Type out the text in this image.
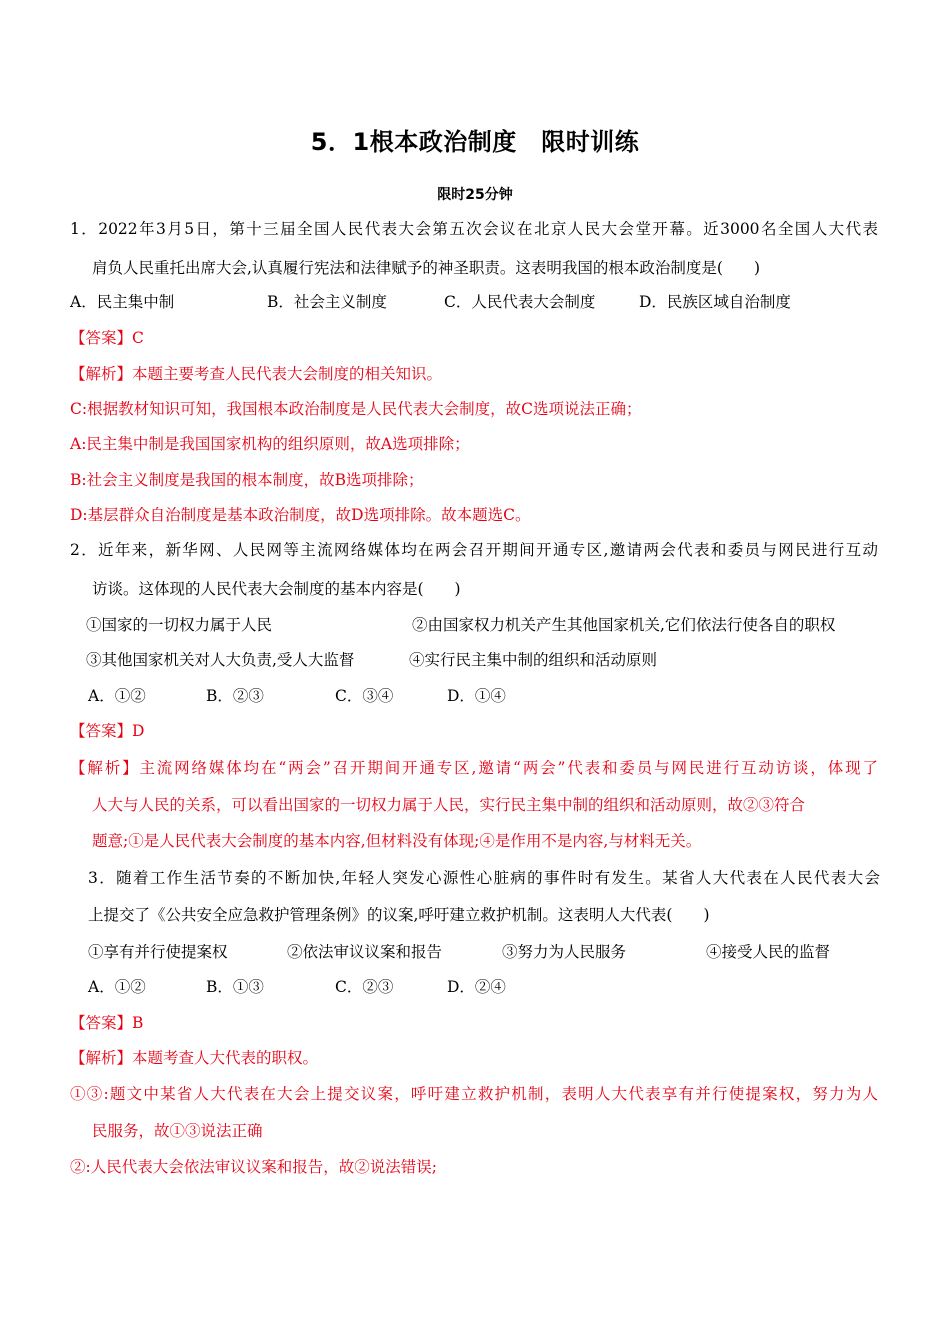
5．1根本政治制度　限时训练
限时25分钟
1．2022年3月5日，第十三届全国人民代表大会第五次会议在北京人民大会堂开幕。近3000名全国人大代表
肩负人民重托出席大会,认真履行宪法和法律赋予的神圣职责。这表明我国的根本政治制度是(　　)
A．民主集中制	B．社会主义制度	C．人民代表大会制度	D．民族区域自治制度
【答案】C
【解析】本题主要考查人民代表大会制度的相关知识。
C:根据教材知识可知，我国根本政治制度是人民代表大会制度，故C选项说法正确；
A:民主集中制是我国国家机构的组织原则，故A选项排除；
B:社会主义制度是我国的根本制度，故B选项排除；
D:基层群众自治制度是基本政治制度，故D选项排除。故本题选C。
2．近年来，新华网、人民网等主流网络媒体均在两会召开期间开通专区,邀请两会代表和委员与网民进行互动
访谈。这体现的人民代表大会制度的基本内容是(　　)
①国家的一切权力属于人民	②由国家权力机关产生其他国家机关,它们依法行使各自的职权
③其他国家机关对人大负责,受人大监督	④实行民主集中制的组织和活动原则
A．①②	B．②③	C．③④	D．①④
【答案】D
【解析】主流网络媒体均在“两会”召开期间开通专区,邀请“两会”代表和委员与网民进行互动访谈，体现了
人大与人民的关系，可以看出国家的一切权力属于人民，实行民主集中制的组织和活动原则，故②③符合
题意;①是人民代表大会制度的基本内容,但材料没有体现;④是作用不是内容,与材料无关。
3．随着工作生活节奏的不断加快,年轻人突发心源性心脏病的事件时有发生。某省人大代表在人民代表大会
上提交了《公共安全应急救护管理条例》的议案,呼吁建立救护机制。这表明人大代表(　　)
①享有并行使提案权	②依法审议议案和报告	③努力为人民服务	④接受人民的监督
A．①②	B．①③	C．②③	D．②④
【答案】B
【解析】本题考查人大代表的职权。
①③:题文中某省人大代表在大会上提交议案，呼吁建立救护机制，表明人大代表享有并行使提案权，努力为人
民服务，故①③说法正确
②:人民代表大会依法审议议案和报告，故②说法错误;
